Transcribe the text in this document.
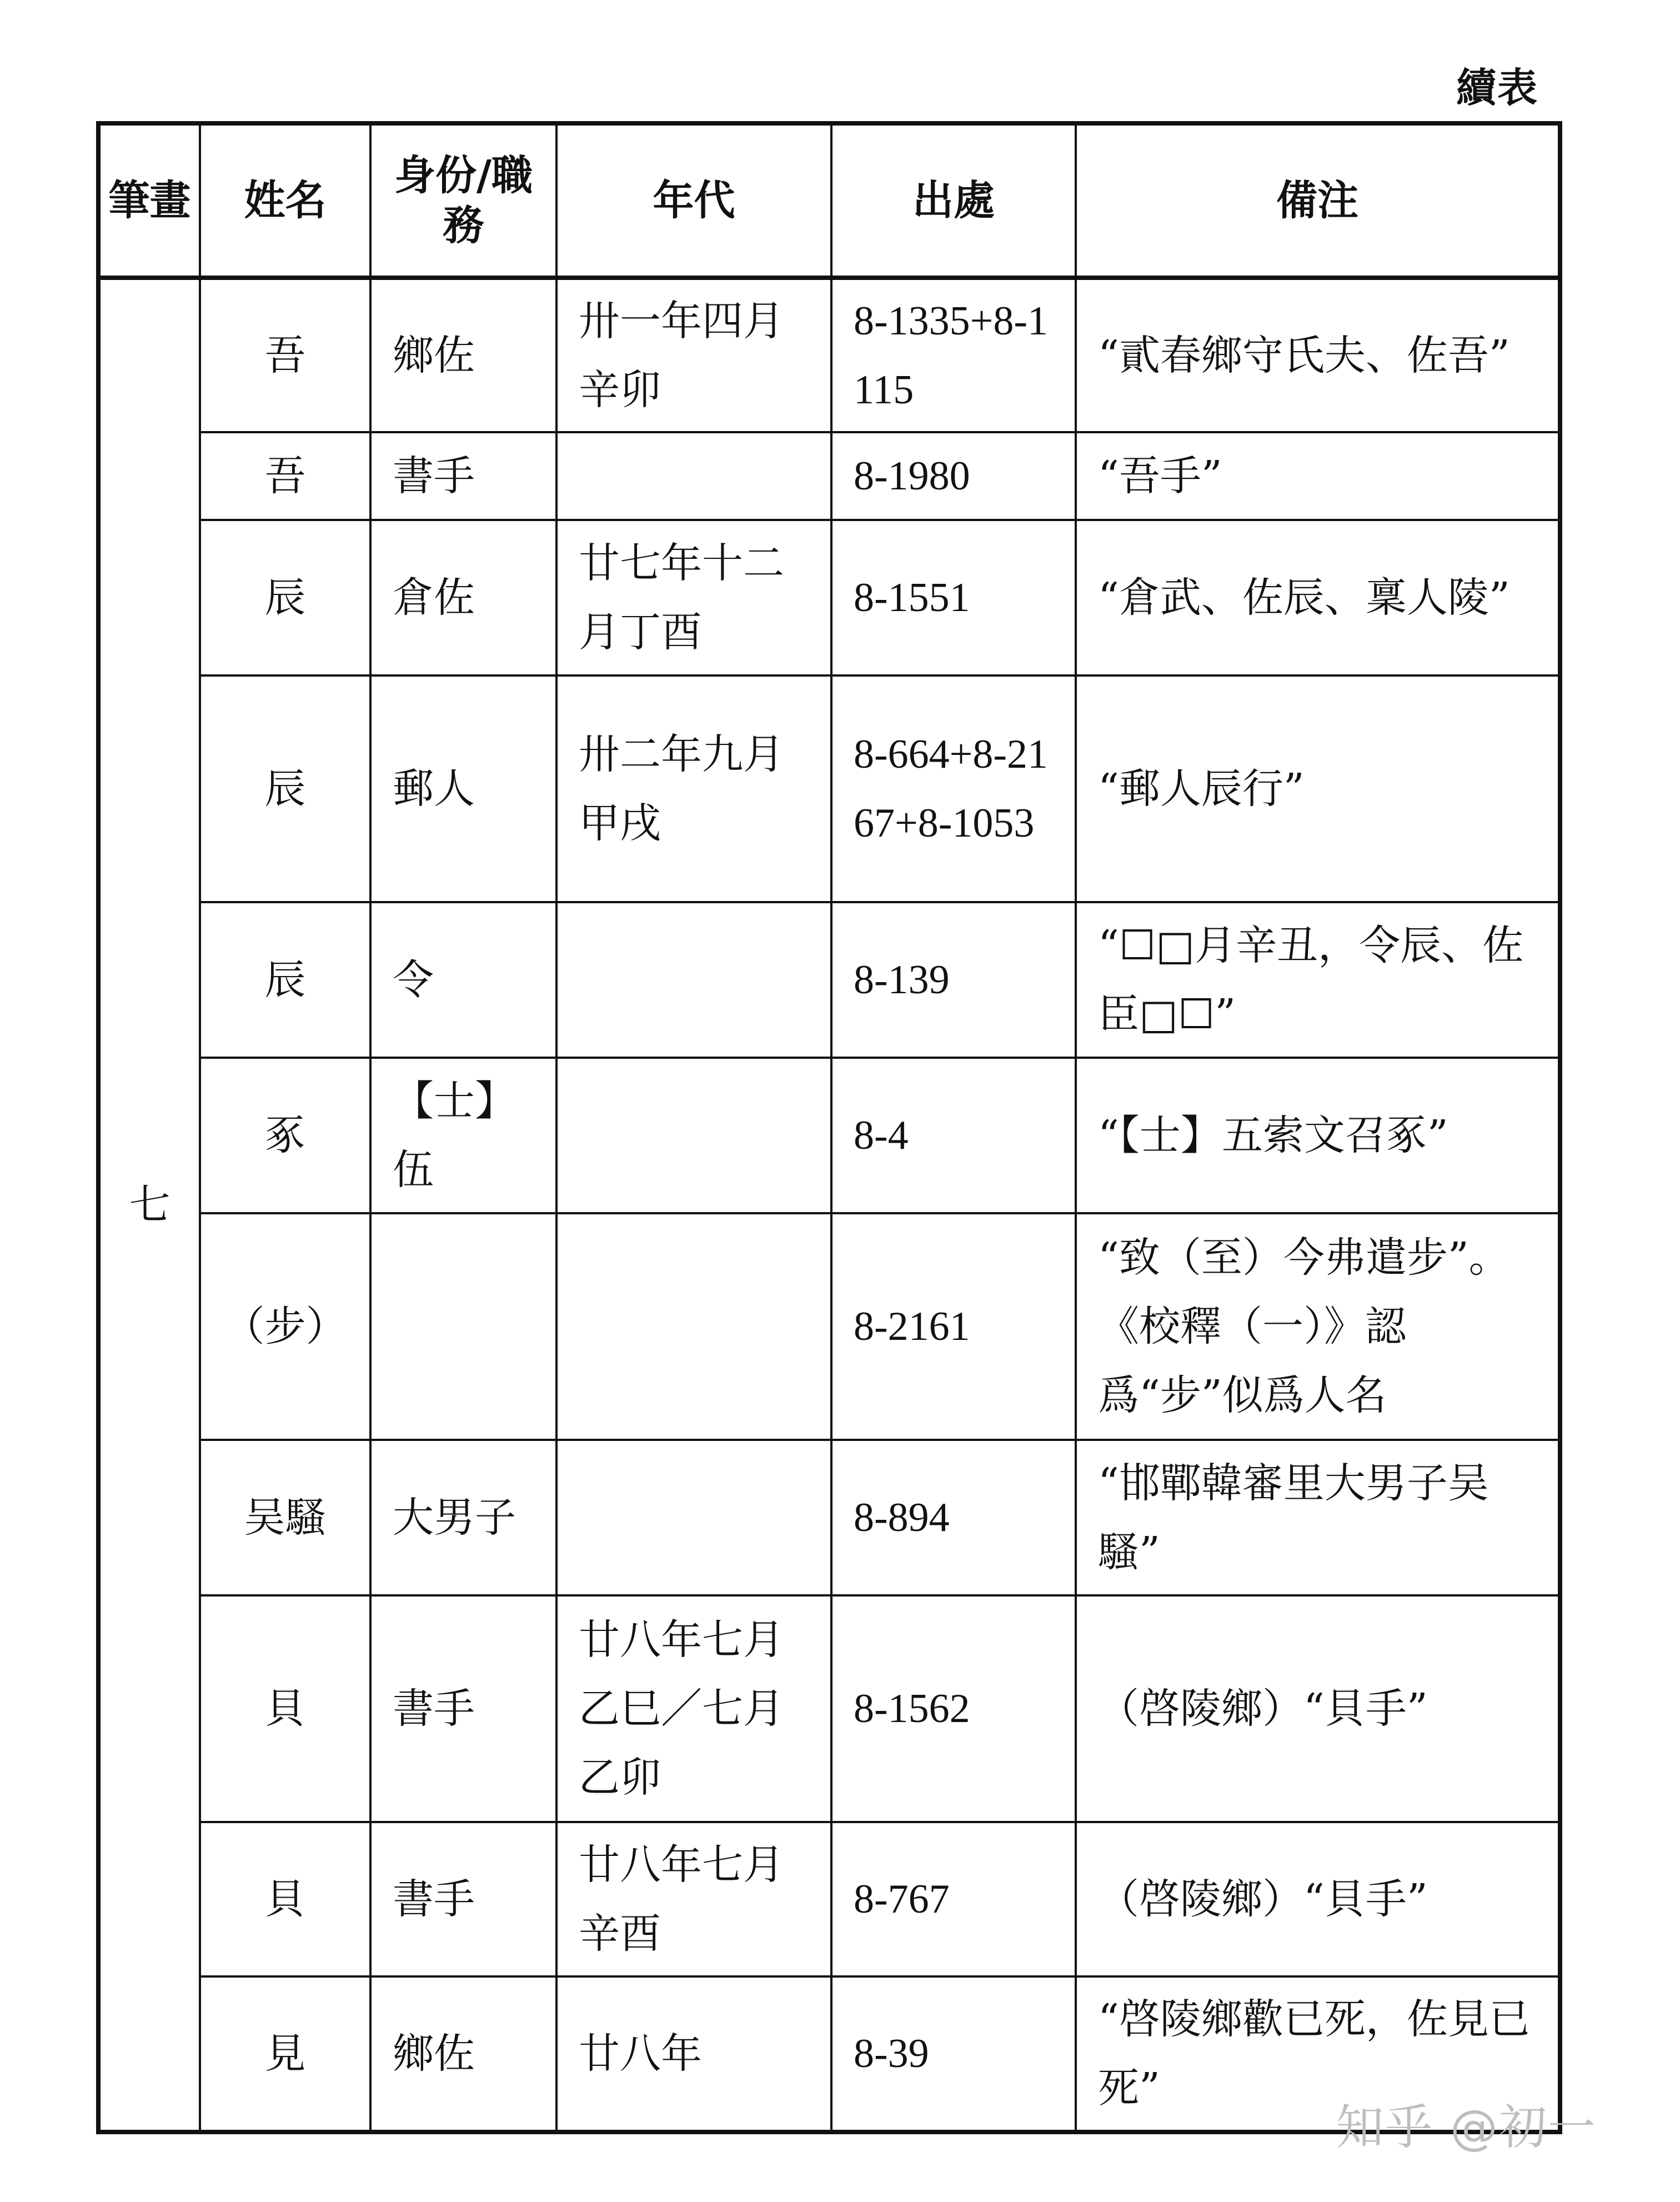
續表
筆畫	姓名	身份/職務	年代	出處	備注
七	吾	鄉佐	卅一年四月辛卯	8-1335+8-1115	“貳春鄉守氏夫、佐吾”
	吾	書手		8-1980	“吾手”
	辰	倉佐	廿七年十二月丁酉	8-1551	“倉武、佐辰、稟人陵”
	辰	郵人	卅二年九月甲戌	8-664+8-2167+8-1053	“郵人辰行”
	辰	令		8-139	“☐□月辛丑，令辰、佐臣□☐”
	豖	【士】伍		8-4	“【士】五索文召豖”
	（步）			8-2161	“致（至）今弗遣步”。《校釋（一）》認爲“步”似爲人名
	吴騷	大男子		8-894	“邯鄲韓審里大男子吴騷”
	貝	書手	廿八年七月乙巳／七月乙卯	8-1562	（啓陵鄉）“貝手”
	貝	書手	廿八年七月辛酉	8-767	（啓陵鄉）“貝手”
	見	鄉佐	廿八年	8-39	“啓陵鄉歡已死，佐見已死”
知乎 @初一
